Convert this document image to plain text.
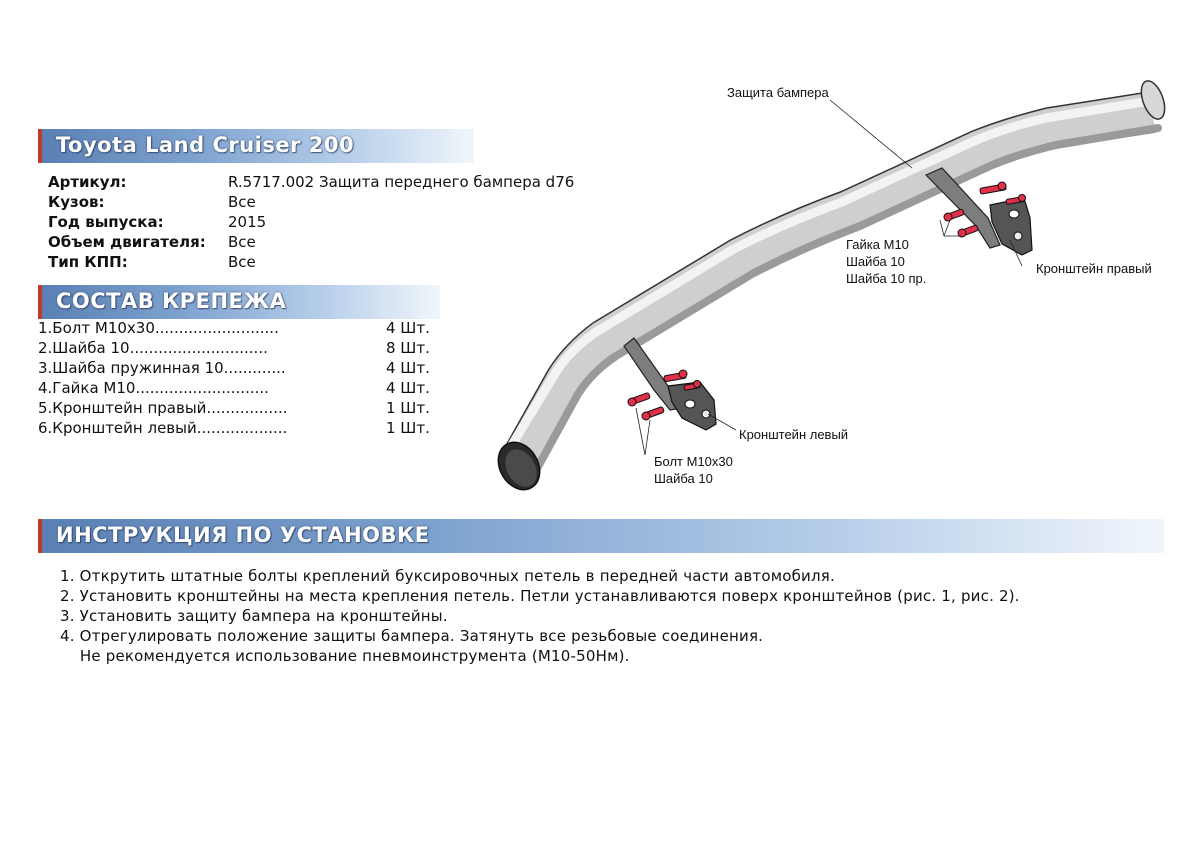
Toyota Land Cruiser 200
Артикул:	R.5717.002 Защита переднего бампера d76
Кузов:	Все
Год выпуска:	2015
Объем двигателя: Все
Тип КПП:	Все
СОСТАВ КРЕПЕЖА
1.Болт М10х30..........................	4 Шт.
2.Шайба 10.............................	8 Шт.
3.Шайба пружинная 10.............	4 Шт.
4.Гайка М10............................	4 Шт.
5.Кронштейн правый.................	1 Шт.
6.Кронштейн левый...................	1 Шт.
Защита бампера
Гайка М10
Шайба 10
Шайба 10 пр.
Кронштейн правый
Кронштейн левый
Болт М10х30
Шайба 10
ИНСТРУКЦИЯ ПО УСТАНОВКЕ
1. Открутить штатные болты креплений буксировочных петель в передней части автомобиля.
2. Установить кронштейны на места крепления петель. Петли устанавливаются поверх кронштейнов (рис. 1, рис. 2).
3. Установить защиту бампера на кронштейны.
4. Отрегулировать положение защиты бампера. Затянуть все резьбовые соединения.
Не рекомендуется использование пневмоинструмента (М10-50Нм).
